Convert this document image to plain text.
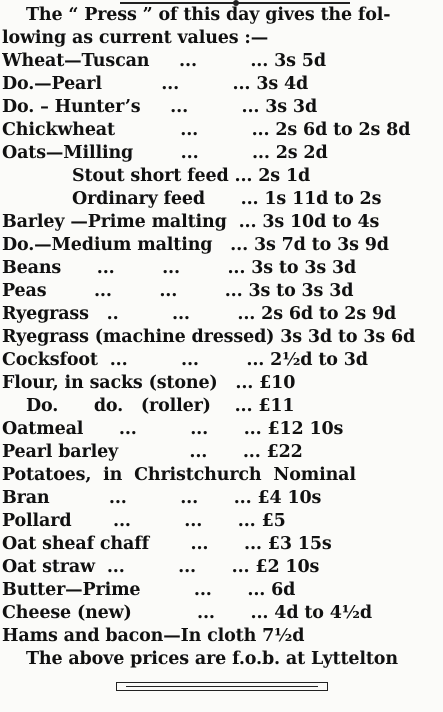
The “ Press ” of this day gives the fol-
lowing as current values :—
Wheat—Tuscan     ...         ... 3s 5d
Do.—Pearl          ...         ... 3s 4d
Do. – Hunter’s     ...         ... 3s 3d
Chickwheat           ...         ... 2s 6d to 2s 8d
Oats—Milling        ...         ... 2s 2d
Stout short feed ... 2s 1d
Ordinary feed      ... 1s 11d to 2s
Barley —Prime malting  ... 3s 10d to 4s
Do.—Medium malting   ... 3s 7d to 3s 9d
Beans      ...        ...        ... 3s to 3s 3d
Peas        ...        ...        ... 3s to 3s 3d
Ryegrass   ..         ...        ... 2s 6d to 2s 9d
Ryegrass (machine dressed) 3s 3d to 3s 6d
Cocksfoot  ...         ...        ... 2½d to 3d
Flour, in sacks (stone)   ... £10
Do.      do.   (roller)    ... £11
Oatmeal      ...         ...      ... £12 10s
Pearl barley            ...      ... £22
Potatoes,  in  Christchurch  Nominal
Bran          ...         ...      ... £4 10s
Pollard       ...         ...      ... £5
Oat sheaf chaff       ...      ... £3 15s
Oat straw  ...         ...      ... £2 10s
Butter—Prime         ...      ... 6d
Cheese (new)           ...      ... 4d to 4½d
Hams and bacon—In cloth 7½d
The above prices are f.o.b. at Lyttelton
